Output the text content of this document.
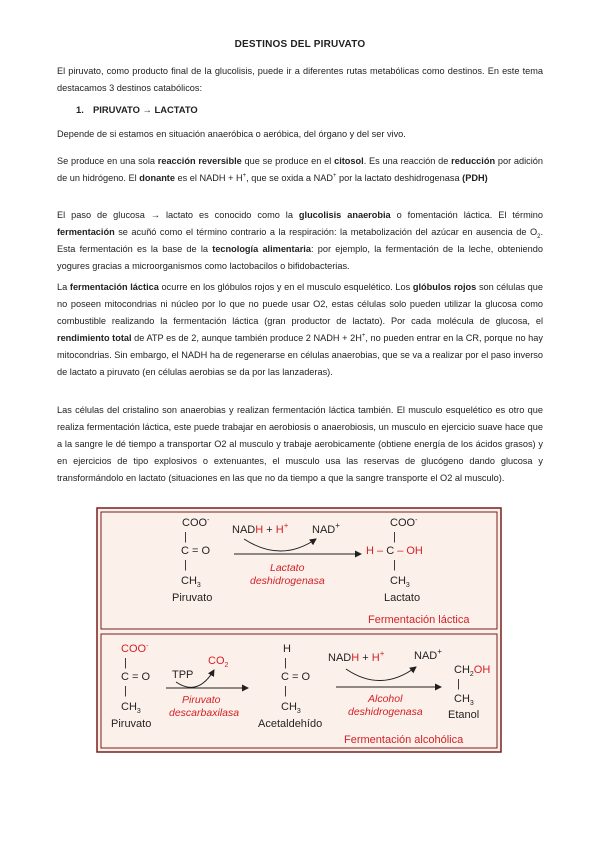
DESTINOS DEL PIRUVATO

El piruvato, como producto final de la glucolisis, puede ir a diferentes rutas metabólicas como destinos. En este tema destacamos 3 destinos catabólicos:

1. PIRUVATO → LACTATO

Depende de si estamos en situación anaeróbica o aeróbica, del órgano y del ser vivo.

Se produce en una sola reacción reversible que se produce en el citosol. Es una reacción de reducción por adición de un hidrógeno. El donante es el NADH + H+, que se oxida a NAD+ por la lactato deshidrogenasa (PDH)

El paso de glucosa → lactato es conocido como la glucolisis anaerobia o fomentación láctica. El término fermentación se acuñó como el término contrario a la respiración: la metabolización del azúcar en ausencia de $O_2$. Esta fermentación es la base de la tecnología alimentaria: por ejemplo, la fermentación de la leche, obteniendo yogures gracias a microorganismos como lactobacilos o bifidobacterias.

La fermentación láctica ocurre en los glóbulos rojos y en el musculo esquelético. Los glóbulos rojos son células que no poseen mitocondrias ni núcleo por lo que no puede usar O2, estas células solo pueden utilizar la glucosa como combustible realizando la fermentación láctica (gran productor de lactato). Por cada molécula de glucosa, el rendimiento total de ATP es de 2, aunque también produce 2 NADH + 2H+, no pueden entrar en la CR, porque no hay mitocondrias. Sin embargo, el NADH ha de regenerarse en células anaerobias, que se va a realizar por el paso inverso de lactato a piruvato (en células aerobias se da por las lanzaderas).

Las células del cristalino son anaerobias y realizan fermentación láctica también. El musculo esquelético es otro que realiza fermentación láctica, este puede trabajar en aerobiosis o anaerobiosis, un musculo en ejercicio suave hace que a la sangre le dé tiempo a transportar O2 al musculo y trabaje aerobicamente (obtiene energía de los ácidos grasos) y en ejercicios de tipo explosivos o extenuantes, el musculo usa las reservas de glucógeno dando glucosa y transformándolo en lactato (situaciones en las que no da tiempo a que la sangre transporte el O2 al musculo).

COO-
|
C = O
|
$CH_3$
Piruvato
NADH + H+ NAD+
Lactato
deshidrogenasa
COO-
|
H – C – OH
|
$CH_3$
Lactato
Fermentación láctica
COO-
|
C = O
|
$CH_3$
Piruvato
TPP
$CO_2$
Piruvato
descarbaxilasa
H
|
C = O
|
$CH_3$
Acetaldehído
NADH + H+	NAD+
Alcohol
deshidrogenasa
$CH_2OH$
|
$CH_3$
Etanol
Fermentación alcohólica
